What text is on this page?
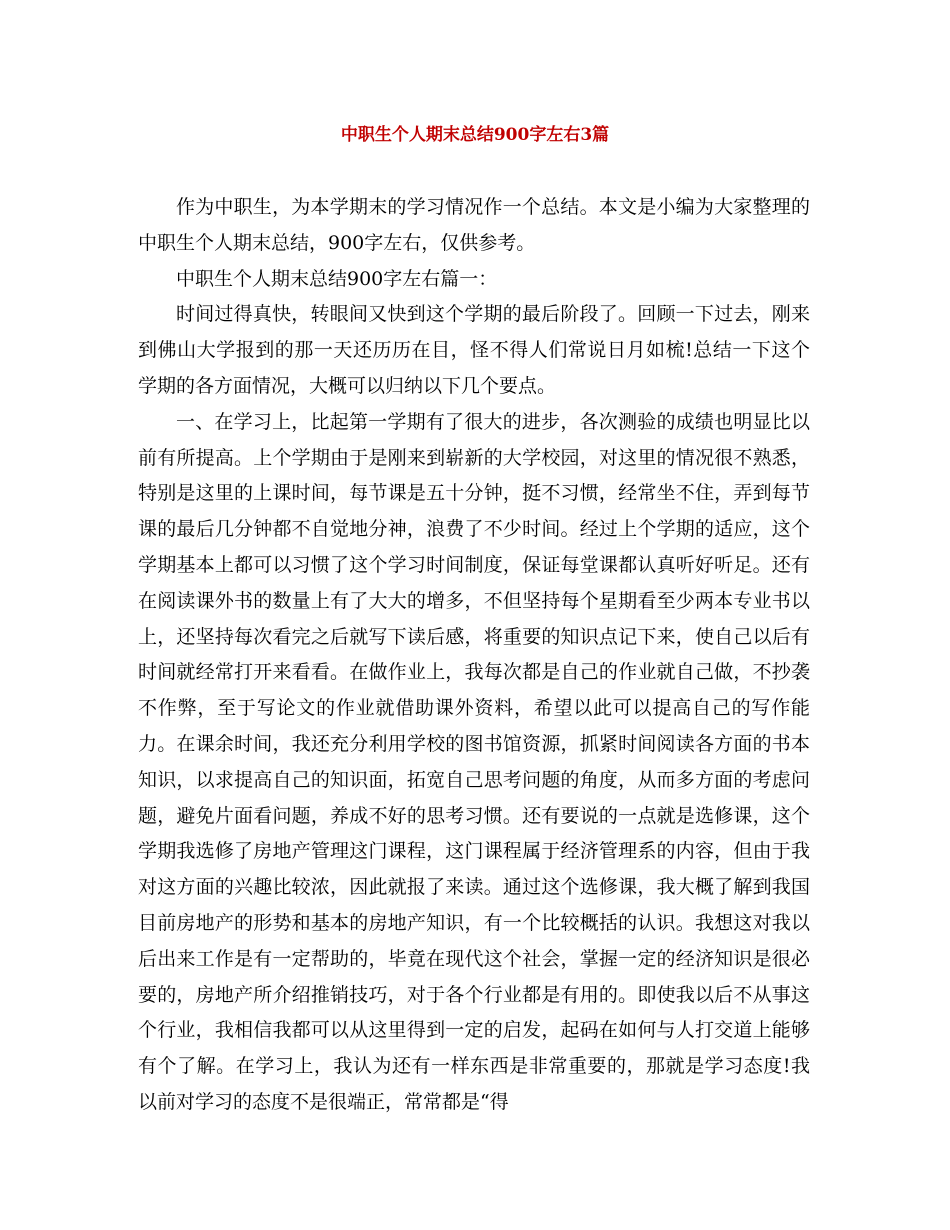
中职生个人期末总结900字左右3篇

作为中职生，为本学期末的学习情况作一个总结。本文是小编为大家整理的中职生个人期末总结，900字左右，仅供参考。

中职生个人期末总结900字左右篇一：

时间过得真快，转眼间又快到这个学期的最后阶段了。回顾一下过去，刚来到佛山大学报到的那一天还历历在目，怪不得人们常说日月如梳!总结一下这个学期的各方面情况，大概可以归纳以下几个要点。

一、在学习上，比起第一学期有了很大的进步，各次测验的成绩也明显比以前有所提高。上个学期由于是刚来到崭新的大学校园，对这里的情况很不熟悉，特别是这里的上课时间，每节课是五十分钟，挺不习惯，经常坐不住，弄到每节课的最后几分钟都不自觉地分神，浪费了不少时间。经过上个学期的适应，这个学期基本上都可以习惯了这个学习时间制度，保证每堂课都认真听好听足。还有在阅读课外书的数量上有了大大的增多，不但坚持每个星期看至少两本专业书以上，还坚持每次看完之后就写下读后感，将重要的知识点记下来，使自己以后有时间就经常打开来看看。在做作业上，我每次都是自己的作业就自己做，不抄袭不作弊，至于写论文的作业就借助课外资料，希望以此可以提高自己的写作能力。在课余时间，我还充分利用学校的图书馆资源，抓紧时间阅读各方面的书本知识，以求提高自己的知识面，拓宽自己思考问题的角度，从而多方面的考虑问题，避免片面看问题，养成不好的思考习惯。还有要说的一点就是选修课，这个学期我选修了房地产管理这门课程，这门课程属于经济管理系的内容，但由于我对这方面的兴趣比较浓，因此就报了来读。通过这个选修课，我大概了解到我国目前房地产的形势和基本的房地产知识，有一个比较概括的认识。我想这对我以后出来工作是有一定帮助的，毕竟在现代这个社会，掌握一定的经济知识是很必要的，房地产所介绍推销技巧，对于各个行业都是有用的。即使我以后不从事这个行业，我相信我都可以从这里得到一定的启发，起码在如何与人打交道上能够有个了解。在学习上，我认为还有一样东西是非常重要的，那就是学习态度!我以前对学习的态度不是很端正，常常都是“得
